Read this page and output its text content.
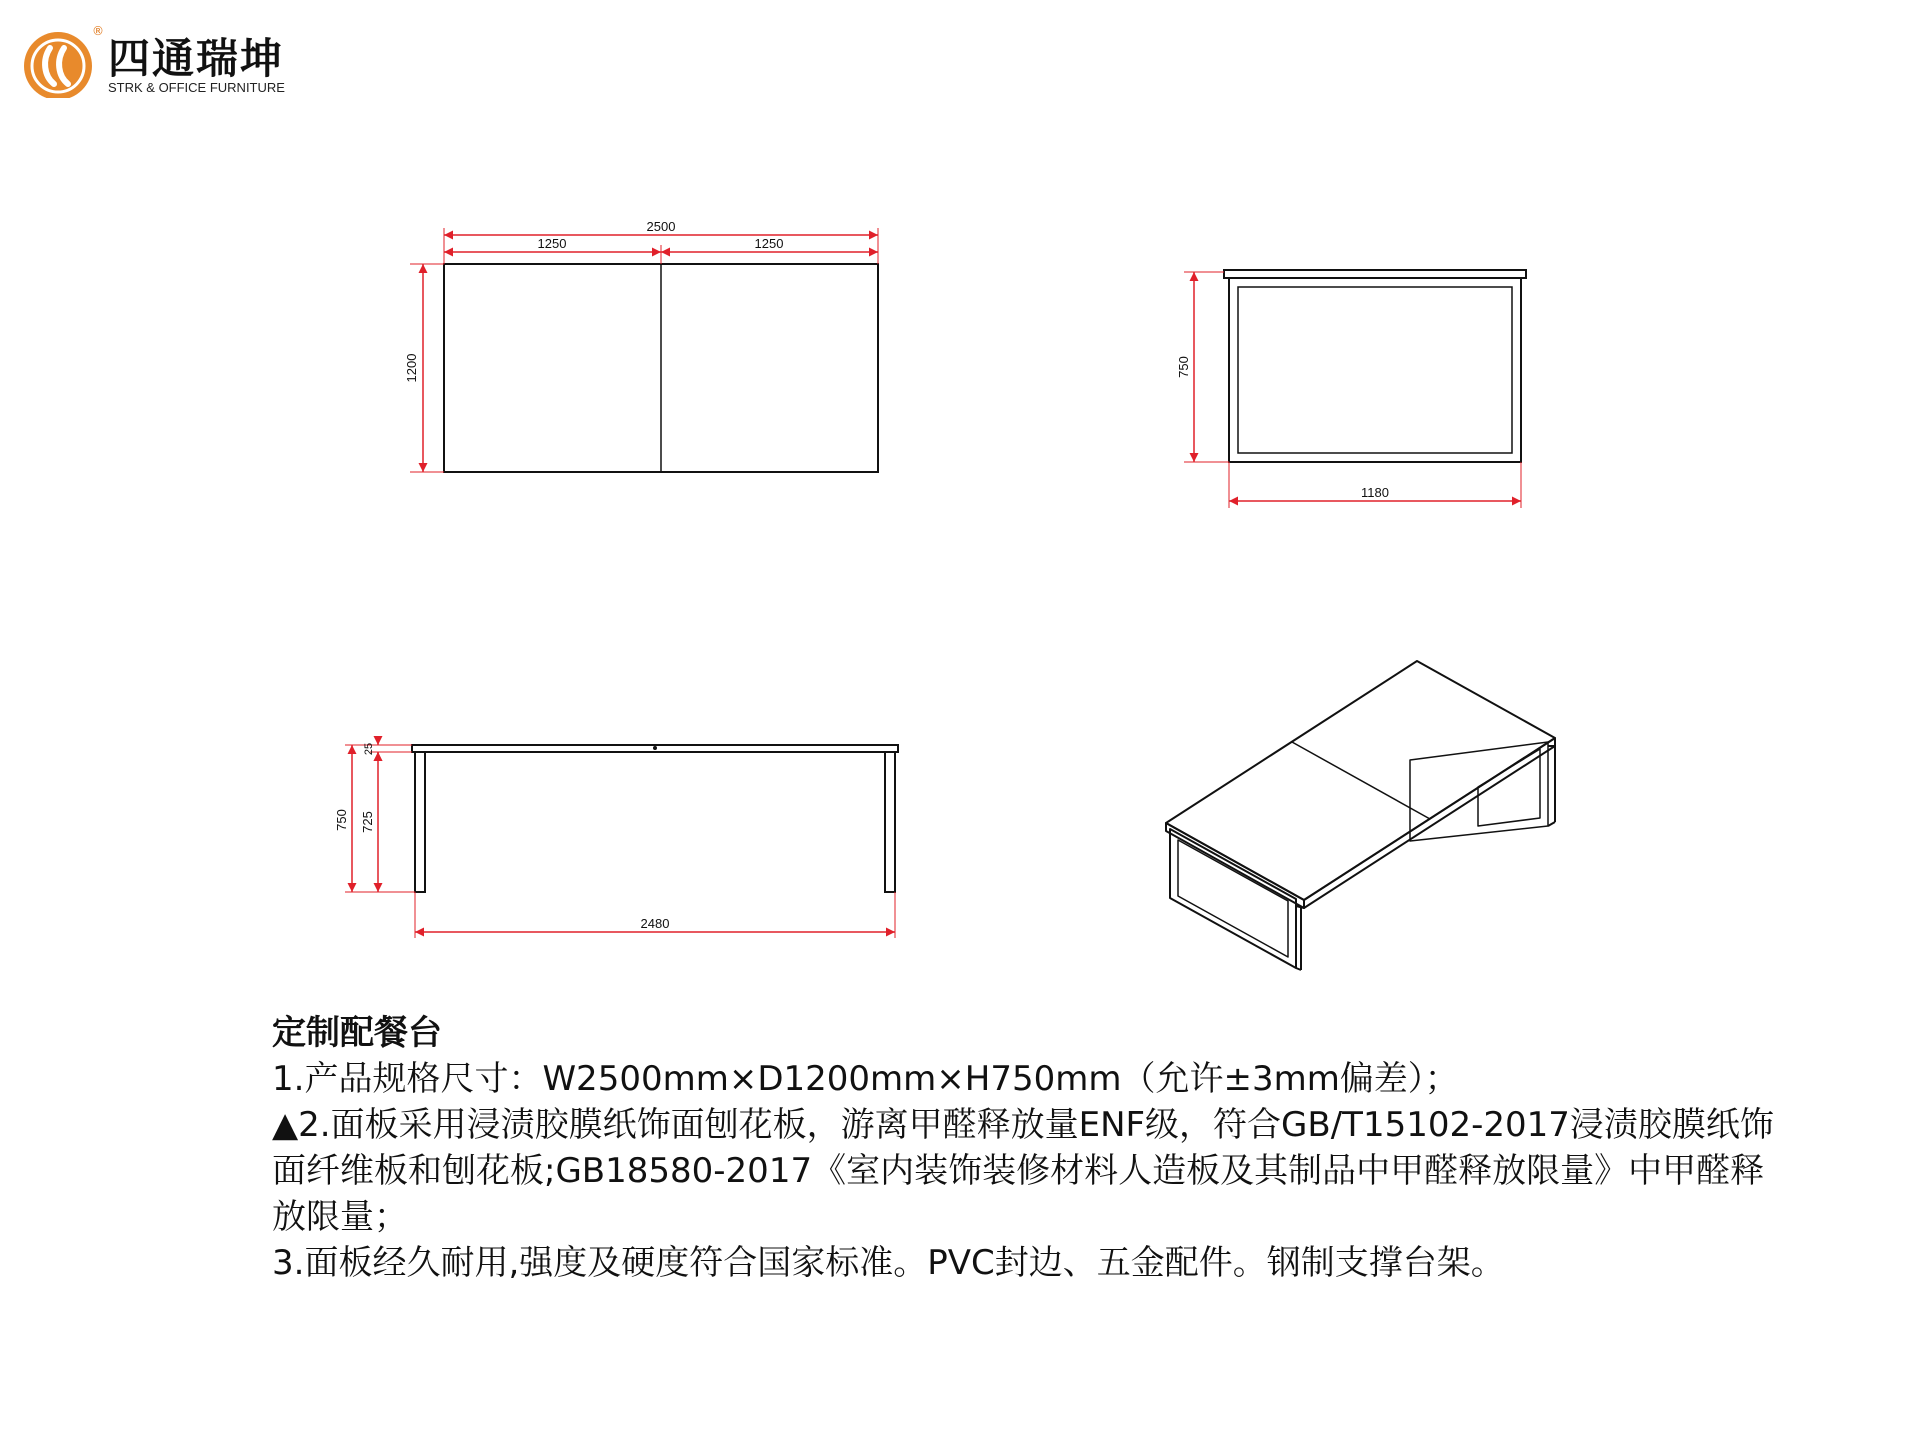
®
四通瑞坤
STRK & OFFICE FURNITURE
2500
1250	1250
1200	750
1180
750 725
25
2480

定制配餐台

1.产品规格尺寸：W2500mm×D1200mm×H750mm（允许±3mm偏差）；

▲2.面板采用浸渍胶膜纸饰面刨花板，游离甲醛释放量ENF级，符合GB/T15102-2017浸渍胶膜纸饰面纤维板和刨花板;GB18580-2017《室内装饰装修材料人造板及其制品中甲醛释放限量》中甲醛释放限量；

3.面板经久耐用,强度及硬度符合国家标准。PVC封边、五金配件。钢制支撑台架。
